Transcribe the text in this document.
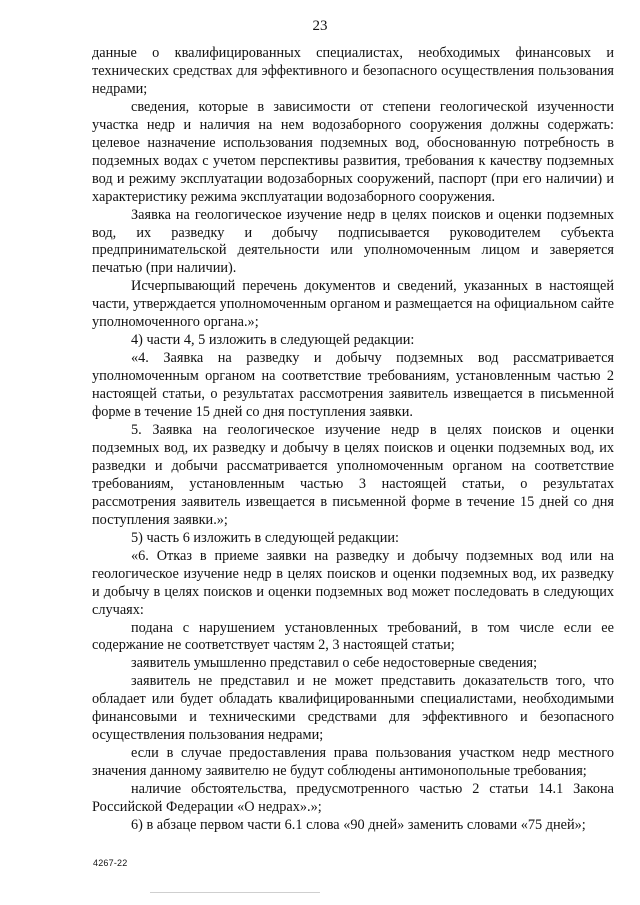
23

данные о квалифицированных специалистах, необходимых финансовых и технических средствах для эффективного и безопасного осуществления пользования недрами;

сведения, которые в зависимости от степени геологической изученности участка недр и наличия на нем водозаборного сооружения должны содержать: целевое назначение использования подземных вод, обоснованную потребность в подземных водах с учетом перспективы развития, требования к качеству подземных вод и режиму эксплуатации водозаборных сооружений, паспорт (при его наличии) и характеристику режима эксплуатации водозаборного сооружения.

Заявка на геологическое изучение недр в целях поисков и оценки подземных вод, их разведку и добычу подписывается руководителем субъекта предпринимательской деятельности или уполномоченным лицом и заверяется печатью (при наличии).

Исчерпывающий перечень документов и сведений, указанных в настоящей части, утверждается уполномоченным органом и размещается на официальном сайте уполномоченного органа.»;

4) части 4, 5 изложить в следующей редакции:

«4. Заявка на разведку и добычу подземных вод рассматривается уполномоченным органом на соответствие требованиям, установленным частью 2 настоящей статьи, о результатах рассмотрения заявитель извещается в письменной форме в течение 15 дней со дня поступления заявки.

5. Заявка на геологическое изучение недр в целях поисков и оценки подземных вод, их разведку и добычу в целях поисков и оценки подземных вод, их разведки и добычи рассматривается уполномоченным органом на соответствие требованиям, установленным частью 3 настоящей статьи, о результатах рассмотрения заявитель извещается в письменной форме в течение 15 дней со дня поступления заявки.»;

5) часть 6 изложить в следующей редакции:

«6. Отказ в приеме заявки на разведку и добычу подземных вод или на геологическое изучение недр в целях поисков и оценки подземных вод, их разведку и добычу в целях поисков и оценки подземных вод может последовать в следующих случаях:

подана с нарушением установленных требований, в том числе если ее содержание не соответствует частям 2, 3 настоящей статьи;

заявитель умышленно представил о себе недостоверные сведения;

заявитель не представил и не может представить доказательств того, что обладает или будет обладать квалифицированными специалистами, необходимыми финансовыми и техническими средствами для эффективного и безопасного осуществления пользования недрами;

если в случае предоставления права пользования участком недр местного значения данному заявителю не будут соблюдены антимонопольные требования;

наличие обстоятельства, предусмотренного частью 2 статьи 14.1 Закона Российской Федерации «О недрах».»;

6) в абзаце первом части 6.1 слова «90 дней» заменить словами «75 дней»;

4267-22
